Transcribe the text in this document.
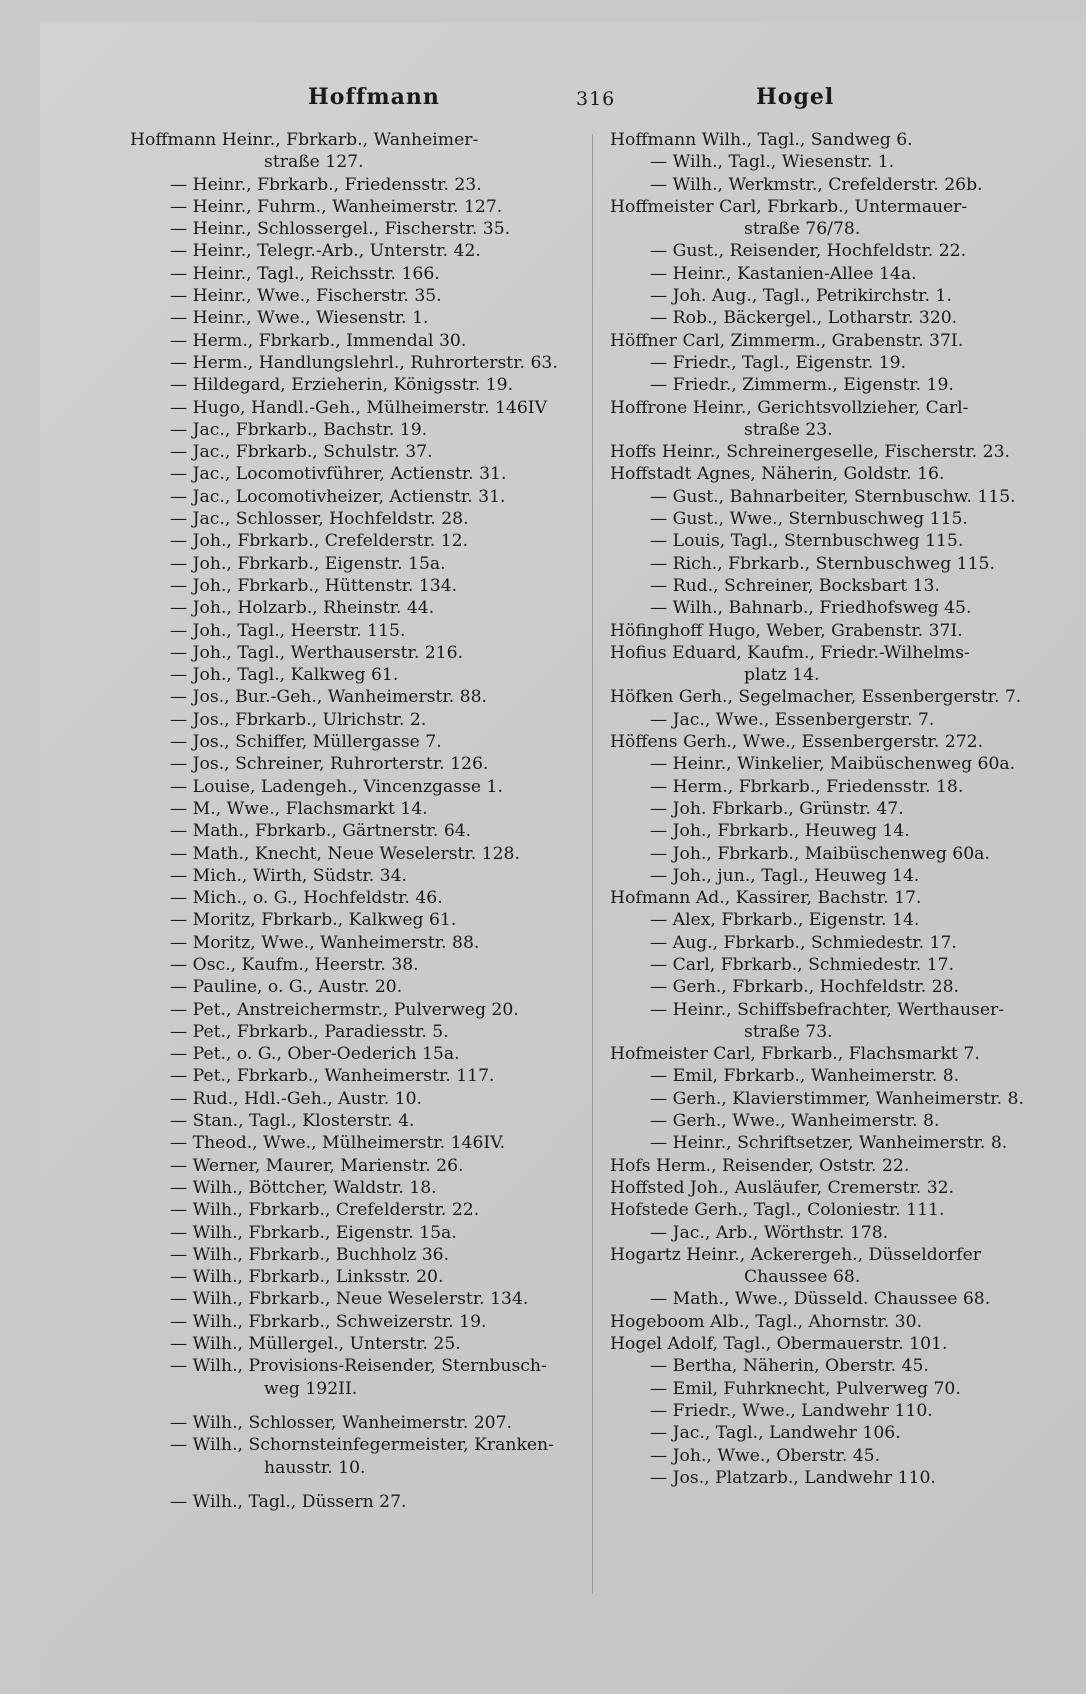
Hoffmann	316	Hogel
Hoffmann Heinr., Fbrkarb., Wanheimer-
straße 127.
— Heinr., Fbrkarb., Friedensstr. 23.
— Heinr., Fuhrm., Wanheimerstr. 127.
— Heinr., Schlossergel., Fischerstr. 35.
— Heinr., Telegr.-Arb., Unterstr. 42.
— Heinr., Tagl., Reichsstr. 166.
— Heinr., Wwe., Fischerstr. 35.
— Heinr., Wwe., Wiesenstr. 1.
— Herm., Fbrkarb., Immendal 30.
— Herm., Handlungslehrl., Ruhrorterstr. 63.
— Hildegard, Erzieherin, Königsstr. 19.
— Hugo, Handl.-Geh., Mülheimerstr. 146IV
— Jac., Fbrkarb., Bachstr. 19.
— Jac., Fbrkarb., Schulstr. 37.
— Jac., Locomotivführer, Actienstr. 31.
— Jac., Locomotivheizer, Actienstr. 31.
— Jac., Schlosser, Hochfeldstr. 28.
— Joh., Fbrkarb., Crefelderstr. 12.
— Joh., Fbrkarb., Eigenstr. 15a.
— Joh., Fbrkarb., Hüttenstr. 134.
— Joh., Holzarb., Rheinstr. 44.
— Joh., Tagl., Heerstr. 115.
— Joh., Tagl., Werthauserstr. 216.
— Joh., Tagl., Kalkweg 61.
— Jos., Bur.-Geh., Wanheimerstr. 88.
— Jos., Fbrkarb., Ulrichstr. 2.
— Jos., Schiffer, Müllergasse 7.
— Jos., Schreiner, Ruhrorterstr. 126.
— Louise, Ladengeh., Vincenzgasse 1.
— M., Wwe., Flachsmarkt 14.
— Math., Fbrkarb., Gärtnerstr. 64.
— Math., Knecht, Neue Weselerstr. 128.
— Mich., Wirth, Südstr. 34.
— Mich., o. G., Hochfeldstr. 46.
— Moritz, Fbrkarb., Kalkweg 61.
— Moritz, Wwe., Wanheimerstr. 88.
— Osc., Kaufm., Heerstr. 38.
— Pauline, o. G., Austr. 20.
— Pet., Anstreichermstr., Pulverweg 20.
— Pet., Fbrkarb., Paradiesstr. 5.
— Pet., o. G., Ober-Oederich 15a.
— Pet., Fbrkarb., Wanheimerstr. 117.
— Rud., Hdl.-Geh., Austr. 10.
— Stan., Tagl., Klosterstr. 4.
— Theod., Wwe., Mülheimerstr. 146IV.
— Werner, Maurer, Marienstr. 26.
— Wilh., Böttcher, Waldstr. 18.
— Wilh., Fbrkarb., Crefelderstr. 22.
— Wilh., Fbrkarb., Eigenstr. 15a.
— Wilh., Fbrkarb., Buchholz 36.
— Wilh., Fbrkarb., Linksstr. 20.
— Wilh., Fbrkarb., Neue Weselerstr. 134.
— Wilh., Fbrkarb., Schweizerstr. 19.
— Wilh., Müllergel., Unterstr. 25.
— Wilh., Provisions-Reisender, Sternbusch-
weg 192II.
— Wilh., Schlosser, Wanheimerstr. 207.
— Wilh., Schornsteinfegermeister, Kranken-
hausstr. 10.
— Wilh., Tagl., Düssern 27.
Hoffmann Wilh., Tagl., Sandweg 6.
— Wilh., Tagl., Wiesenstr. 1.
— Wilh., Werkmstr., Crefelderstr. 26b.
Hoffmeister Carl, Fbrkarb., Untermauer-
straße 76/78.
— Gust., Reisender, Hochfeldstr. 22.
— Heinr., Kastanien-Allee 14a.
— Joh. Aug., Tagl., Petrikirchstr. 1.
— Rob., Bäckergel., Lotharstr. 320.
Höffner Carl, Zimmerm., Grabenstr. 37I.
— Friedr., Tagl., Eigenstr. 19.
— Friedr., Zimmerm., Eigenstr. 19.
Hoffrone Heinr., Gerichtsvollzieher, Carl-
straße 23.
Hoffs Heinr., Schreinergeselle, Fischerstr. 23.
Hoffstadt Agnes, Näherin, Goldstr. 16.
— Gust., Bahnarbeiter, Sternbuschw. 115.
— Gust., Wwe., Sternbuschweg 115.
— Louis, Tagl., Sternbuschweg 115.
— Rich., Fbrkarb., Sternbuschweg 115.
— Rud., Schreiner, Bocksbart 13.
— Wilh., Bahnarb., Friedhofsweg 45.
Höfinghoff Hugo, Weber, Grabenstr. 37I.
Hofius Eduard, Kaufm., Friedr.-Wilhelms-
platz 14.
Höfken Gerh., Segelmacher, Essenbergerstr. 7.
— Jac., Wwe., Essenbergerstr. 7.
Höffens Gerh., Wwe., Essenbergerstr. 272.
— Heinr., Winkelier, Maibüschenweg 60a.
— Herm., Fbrkarb., Friedensstr. 18.
— Joh. Fbrkarb., Grünstr. 47.
— Joh., Fbrkarb., Heuweg 14.
— Joh., Fbrkarb., Maibüschenweg 60a.
— Joh., jun., Tagl., Heuweg 14.
Hofmann Ad., Kassirer, Bachstr. 17.
— Alex, Fbrkarb., Eigenstr. 14.
— Aug., Fbrkarb., Schmiedestr. 17.
— Carl, Fbrkarb., Schmiedestr. 17.
— Gerh., Fbrkarb., Hochfeldstr. 28.
— Heinr., Schiffsbefrachter, Werthauser-
straße 73.
Hofmeister Carl, Fbrkarb., Flachsmarkt 7.
— Emil, Fbrkarb., Wanheimerstr. 8.
— Gerh., Klavierstimmer, Wanheimerstr. 8.
— Gerh., Wwe., Wanheimerstr. 8.
— Heinr., Schriftsetzer, Wanheimerstr. 8.
Hofs Herm., Reisender, Oststr. 22.
Hoffsted Joh., Ausläufer, Cremerstr. 32.
Hofstede Gerh., Tagl., Coloniestr. 111.
— Jac., Arb., Wörthstr. 178.
Hogartz Heinr., Ackerergeh., Düsseldorfer
Chaussee 68.
— Math., Wwe., Düsseld. Chaussee 68.
Hogeboom Alb., Tagl., Ahornstr. 30.
Hogel Adolf, Tagl., Obermauerstr. 101.
— Bertha, Näherin, Oberstr. 45.
— Emil, Fuhrknecht, Pulverweg 70.
— Friedr., Wwe., Landwehr 110.
— Jac., Tagl., Landwehr 106.
— Joh., Wwe., Oberstr. 45.
— Jos., Platzarb., Landwehr 110.
